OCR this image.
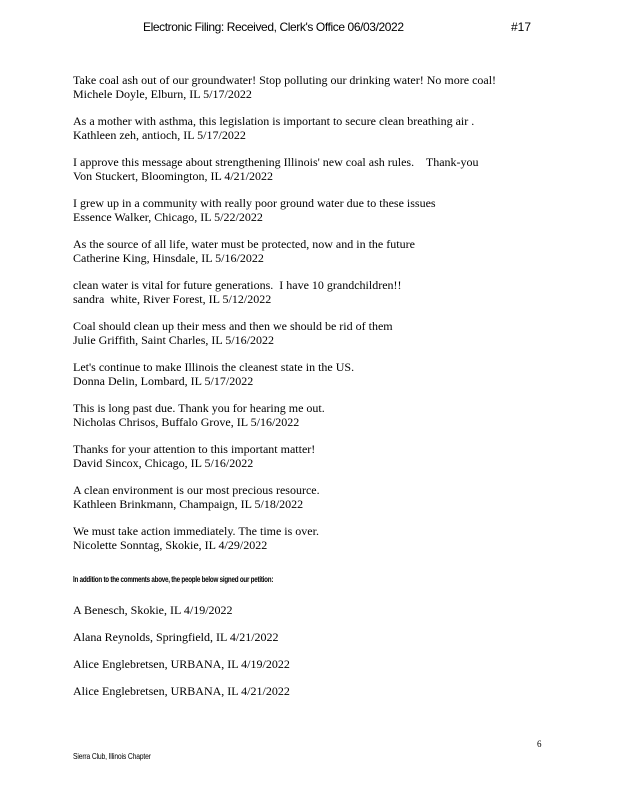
Electronic Filing: Received, Clerk's Office 06/03/2022	#17
Take coal ash out of our groundwater! Stop polluting our drinking water! No more coal!
Michele Doyle, Elburn, IL 5/17/2022
As a mother with asthma, this legislation is important to secure clean breathing air .
Kathleen zeh, antioch, IL 5/17/2022
I approve this message about strengthening Illinois' new coal ash rules.    Thank-you
Von Stuckert, Bloomington, IL 4/21/2022
I grew up in a community with really poor ground water due to these issues
Essence Walker, Chicago, IL 5/22/2022
As the source of all life, water must be protected, now and in the future
Catherine King, Hinsdale, IL 5/16/2022
clean water is vital for future generations.  I have 10 grandchildren!!
sandra  white, River Forest, IL 5/12/2022
Coal should clean up their mess and then we should be rid of them
Julie Griffith, Saint Charles, IL 5/16/2022
Let's continue to make Illinois the cleanest state in the US.
Donna Delin, Lombard, IL 5/17/2022
This is long past due. Thank you for hearing me out.
Nicholas Chrisos, Buffalo Grove, IL 5/16/2022
Thanks for your attention to this important matter!
David Sincox, Chicago, IL 5/16/2022
A clean environment is our most precious resource.
Kathleen Brinkmann, Champaign, IL 5/18/2022
We must take action immediately. The time is over.
Nicolette Sonntag, Skokie, IL 4/29/2022
In addition to the comments above, the people below signed our petition:
A Benesch, Skokie, IL 4/19/2022
Alana Reynolds, Springfield, IL 4/21/2022
Alice Englebretsen, URBANA, IL 4/19/2022
Alice Englebretsen, URBANA, IL 4/21/2022
6
Sierra Club, Illinois Chapter
